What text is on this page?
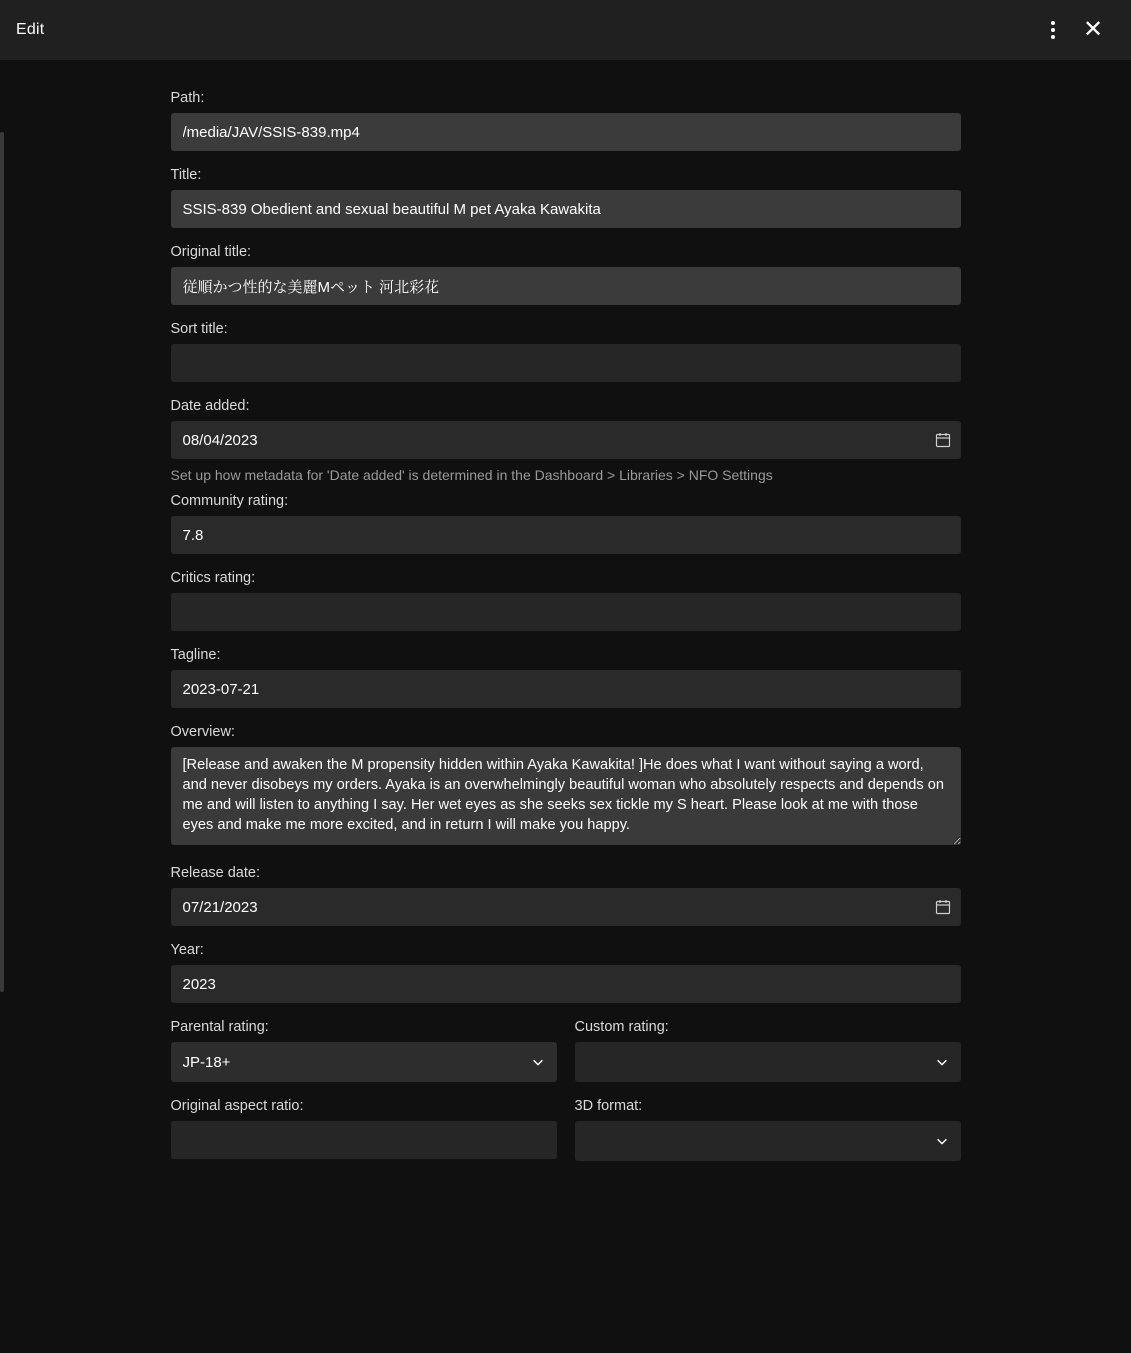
Edit	✕
Path:
/media/JAV/SSIS-839.mp4
Title:
SSIS-839 Obedient and sexual beautiful M pet Ayaka Kawakita
Original title:
従順かつ性的な美麗Mペット 河北彩花
Sort title:
Date added:
08/04/2023
Set up how metadata for 'Date added' is determined in the Dashboard > Libraries > NFO Settings
Community rating:
7.8
Critics rating:
Tagline:
2023-07-21
Overview:
[Release and awaken the M propensity hidden within Ayaka Kawakita! ]He does what I want without saying a word, and never disobeys my orders. Ayaka is an overwhelmingly beautiful woman who absolutely respects and depends on me and will listen to anything I say. Her wet eyes as she seeks sex tickle my S heart. Please look at me with those eyes and make me more excited, and in return I will make you happy.
Release date:
07/21/2023
Year:
2023
Parental rating:
JP-18+
Custom rating:
Original aspect ratio:	3D format:
